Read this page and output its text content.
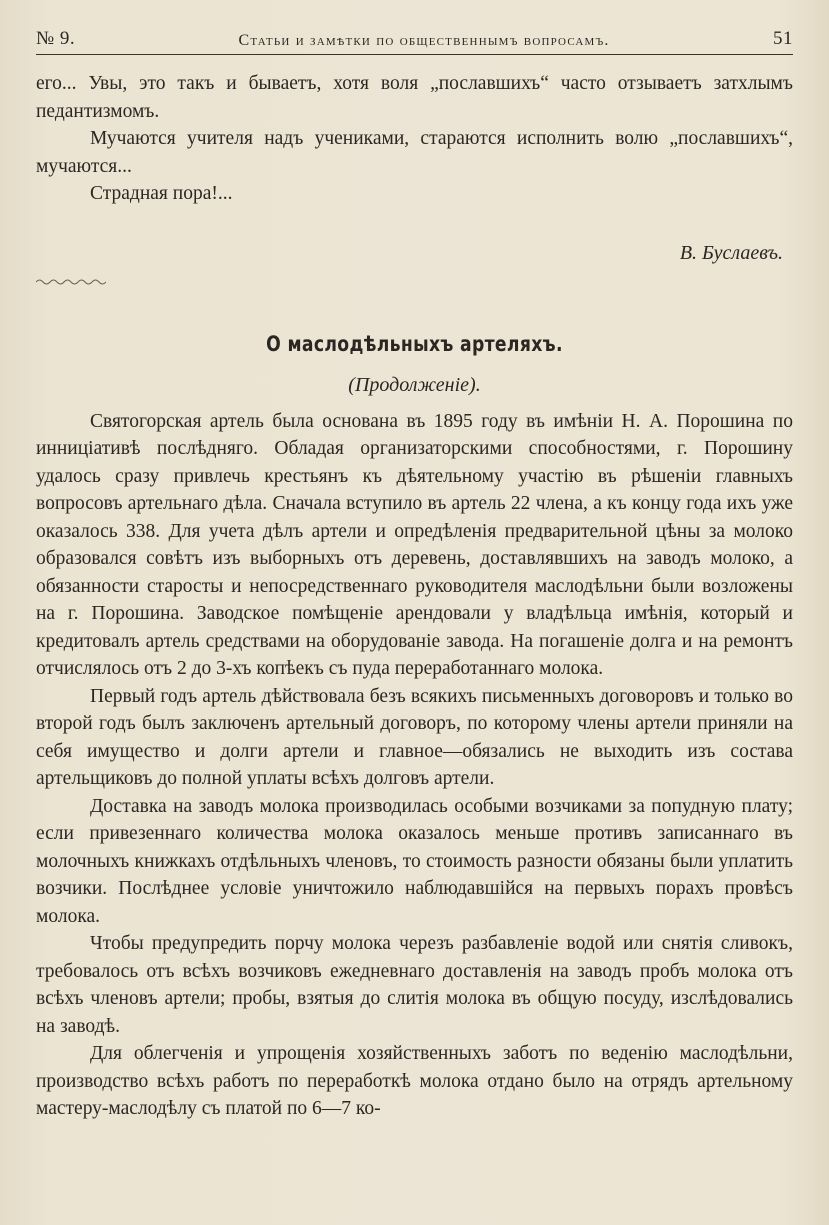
№ 9.	Статьи и замѣтки по общественнымъ вопросамъ.	51

его... Увы, это такъ и бываетъ, хотя воля „пославшихъ“ часто отзываетъ затхлымъ педантизмомъ.

Мучаются учителя надъ учениками, стараются исполнить волю „пославшихъ“, мучаются...

Страдная пора!...

В. Буслаевъ.
О маслодѣльныхъ артеляхъ.
(Продолженіе).

Святогорская артель была основана въ 1895 году въ имѣніи Н. А. Порошина по инниціативѣ послѣдняго. Обладая организаторскими способностями, г. Порошину удалось сразу привлечь крестьянъ къ дѣятельному участію въ рѣшеніи главныхъ вопросовъ артельнаго дѣла. Сначала вступило въ артель 22 члена, а къ концу года ихъ уже оказалось 338. Для учета дѣлъ артели и опредѣленія предварительной цѣны за молоко образовался совѣтъ изъ выборныхъ отъ деревень, доставлявшихъ на заводъ молоко, а обязанности старосты и непосредственнаго руководителя маслодѣльни были возложены на г. Порошина. Заводское помѣщеніе арендовали у владѣльца имѣнія, который и кредитовалъ артель средствами на оборудованіе завода. На погашеніе долга и на ремонтъ отчислялось отъ 2 до 3-хъ копѣекъ съ пуда переработаннаго молока.

Первый годъ артель дѣйствовала безъ всякихъ письменныхъ договоровъ и только во второй годъ былъ заключенъ артельный договоръ, по которому члены артели приняли на себя имущество и долги артели и главное—обязались не выходить изъ состава артельщиковъ до полной уплаты всѣхъ долговъ артели.

Доставка на заводъ молока производилась особыми возчиками за попудную плату; если привезеннаго количества молока оказалось меньше противъ записаннаго въ молочныхъ книжкахъ отдѣльныхъ членовъ, то стоимость разности обязаны были уплатить возчики. Послѣднее условіе уничтожило наблюдавшійся на первыхъ порахъ провѣсъ молока.

Чтобы предупредить порчу молока черезъ разбавленіе водой или снятія сливокъ, требовалось отъ всѣхъ возчиковъ ежедневнаго доставленія на заводъ пробъ молока отъ всѣхъ членовъ артели; пробы, взятыя до слитія молока въ общую посуду, изслѣдовались на заводѣ.

Для облегченія и упрощенія хозяйственныхъ заботъ по веденію маслодѣльни, производство всѣхъ работъ по переработкѣ молока отдано было на отрядъ артельному мастеру-маслодѣлу съ платой по 6—7 ко-
